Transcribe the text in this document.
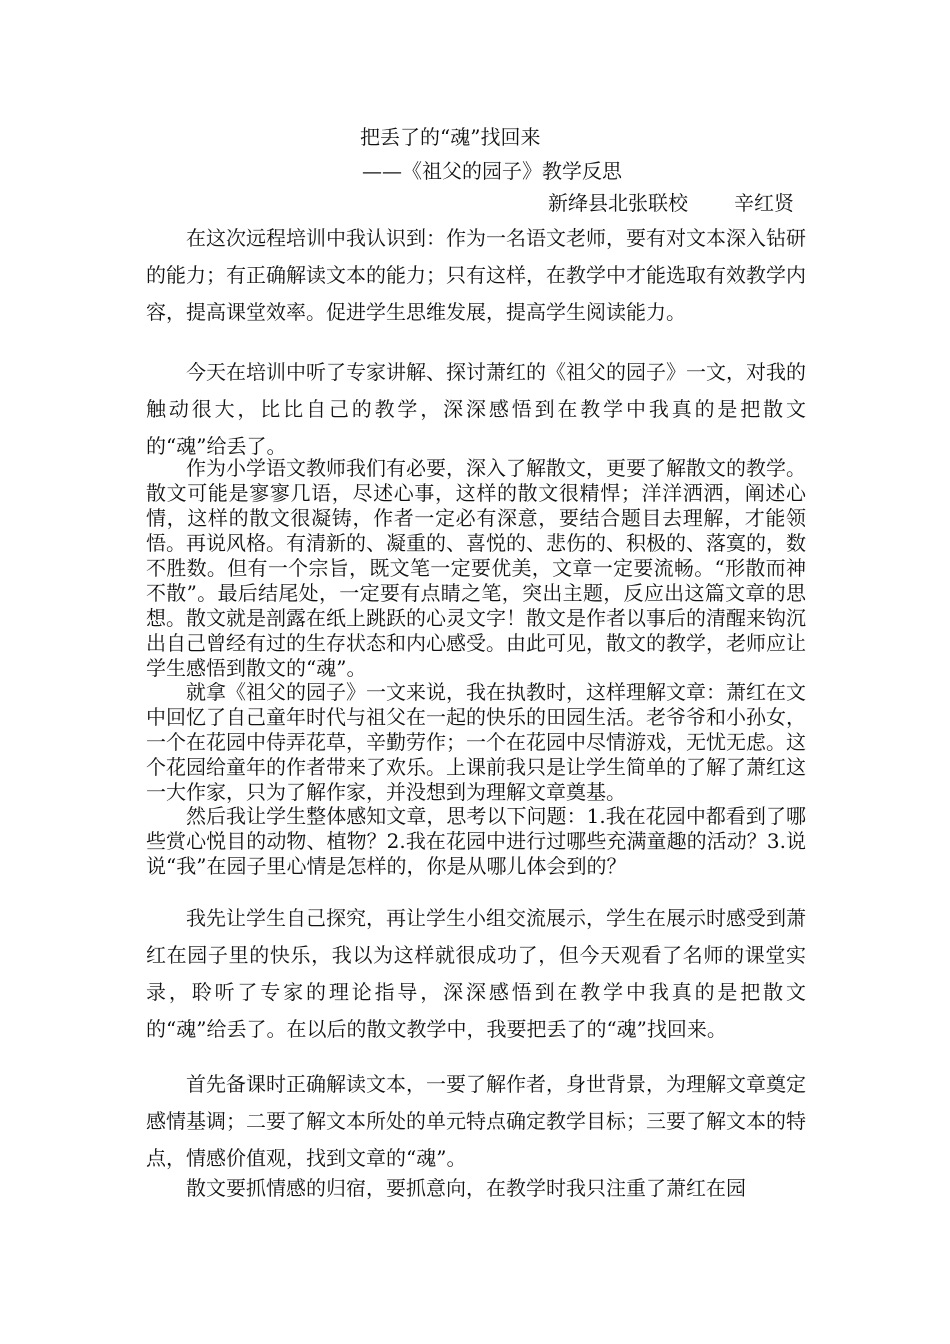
把丢了的“魂”找回来
——《祖父的园子》教学反思
新绛县北张联校 辛红贤

在这次远程培训中我认识到：作为一名语文老师，要有对文本深入钻研的能力；有正确解读文本的能力；只有这样，在教学中才能选取有效教学内容，提高课堂效率。促进学生思维发展，提高学生阅读能力。

今天在培训中听了专家讲解、探讨萧红的《祖父的园子》一文，对我的触动很大，比比自己的教学，深深感悟到在教学中我真的是把散文的“魂”给丢了。

作为小学语文教师我们有必要，深入了解散文，更要了解散文的教学。散文可能是寥寥几语，尽述心事，这样的散文很精悍；洋洋洒洒，阐述心情，这样的散文很凝铸，作者一定必有深意，要结合题目去理解，才能领悟。再说风格。有清新的、凝重的、喜悦的、悲伤的、积极的、落寞的，数不胜数。但有一个宗旨，既文笔一定要优美，文章一定要流畅。“形散而神不散”。最后结尾处，一定要有点睛之笔，突出主题，反应出这篇文章的思想。散文就是剖露在纸上跳跃的心灵文字！散文是作者以事后的清醒来钩沉出自己曾经有过的生存状态和内心感受。由此可见，散文的教学，老师应让学生感悟到散文的“魂”。

就拿《祖父的园子》一文来说，我在执教时，这样理解文章：萧红在文中回忆了自己童年时代与祖父在一起的快乐的田园生活。老爷爷和小孙女，一个在花园中侍弄花草，辛勤劳作；一个在花园中尽情游戏，无忧无虑。这个花园给童年的作者带来了欢乐。上课前我只是让学生简单的了解了萧红这一大作家，只为了解作家，并没想到为理解文章奠基。

然后我让学生整体感知文章，思考以下问题：1.我在花园中都看到了哪些赏心悦目的动物、植物？2.我在花园中进行过哪些充满童趣的活动？3.说说“我”在园子里心情是怎样的，你是从哪儿体会到的？

我先让学生自己探究，再让学生小组交流展示，学生在展示时感受到萧红在园子里的快乐，我以为这样就很成功了，但今天观看了名师的课堂实录，聆听了专家的理论指导，深深感悟到在教学中我真的是把散文的“魂”给丢了。在以后的散文教学中，我要把丢了的“魂”找回来。

首先备课时正确解读文本，一要了解作者，身世背景，为理解文章奠定感情基调；二要了解文本所处的单元特点确定教学目标；三要了解文本的特点，情感价值观，找到文章的“魂”。

散文要抓情感的归宿，要抓意向，在教学时我只注重了萧红在园
